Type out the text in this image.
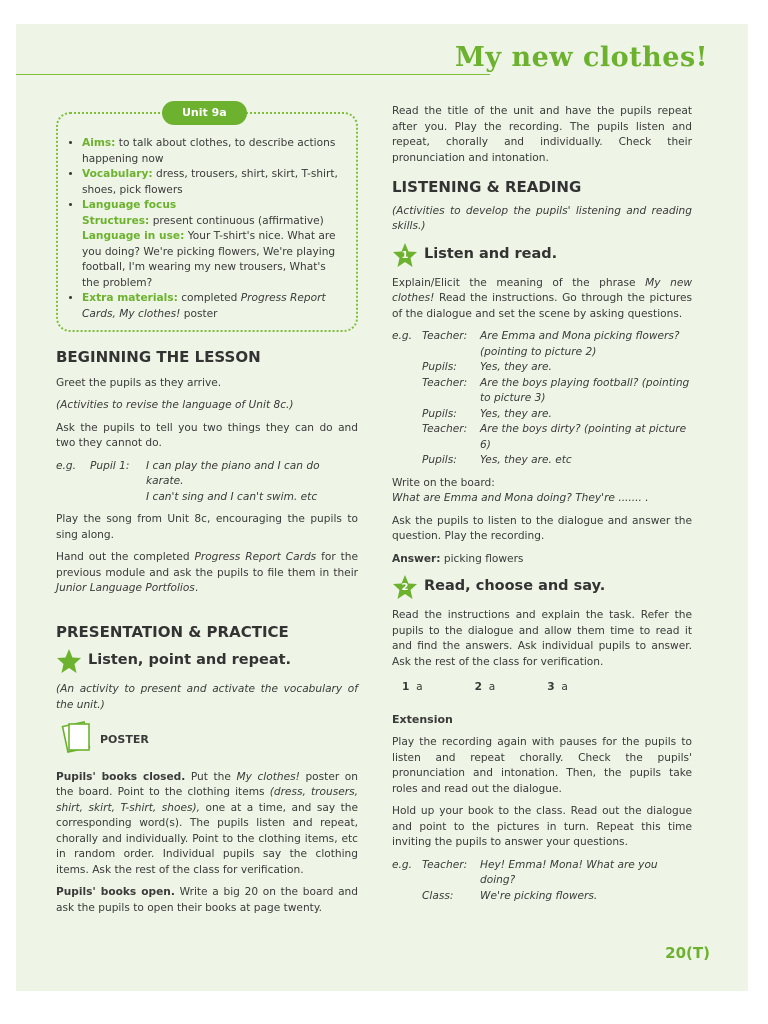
My new clothes!
Unit 9a
• Aims: to talk about clothes, to describe actions happening now
• Vocabulary: dress, trousers, shirt, skirt, T-shirt, shoes, pick flowers
• Language focus
Structures: present continuous (affirmative)
Language in use: Your T-shirt's nice. What are you doing? We're picking flowers, We're playing football, I'm wearing my new trousers, What's the problem?
• Extra materials: completed Progress Report Cards, My clothes! poster
BEGINNING THE LESSON

Greet the pupils as they arrive.

(Activities to revise the language of Unit 8c.)

Ask the pupils to tell you two things they can do and two they cannot do.

e.g.	Pupil 1:	I can play the piano and I can do karate.
I can't sing and I can't swim. etc

Play the song from Unit 8c, encouraging the pupils to sing along.

Hand out the completed Progress Report Cards for the previous module and ask the pupils to file them in their Junior Language Portfolios.

PRESENTATION & PRACTICE
Listen, point and repeat.

(An activity to present and activate the vocabulary of the unit.)

POSTER

Pupils' books closed. Put the My clothes! poster on the board. Point to the clothing items (dress, trousers, shirt, skirt, T-shirt, shoes), one at a time, and say the corresponding word(s). The pupils listen and repeat, chorally and individually. Point to the clothing items, etc in random order. Individual pupils say the clothing items. Ask the rest of the class for verification.

Pupils' books open. Write a big 20 on the board and ask the pupils to open their books at page twenty.

Read the title of the unit and have the pupils repeat after you. Play the recording. The pupils listen and repeat, chorally and individually. Check their pronunciation and intonation.

LISTENING & READING

(Activities to develop the pupils' listening and reading skills.)

1	Listen and read.

Explain/Elicit the meaning of the phrase My new clothes! Read the instructions. Go through the pictures of the dialogue and set the scene by asking questions.

e.g. Teacher:	Are Emma and Mona picking flowers? (pointing to picture 2)
Pupils:	Yes, they are.
Teacher:	Are the boys playing football? (pointing to picture 3)
Pupils:	Yes, they are.
Teacher:	Are the boys dirty? (pointing at picture 6)
Pupils:	Yes, they are. etc

Write on the board:
What are Emma and Mona doing? They're ....... .

Ask the pupils to listen to the dialogue and answer the question. Play the recording.

Answer: picking flowers

2	Read, choose and say.

Read the instructions and explain the task. Refer the pupils to the dialogue and allow them time to read it and find the answers. Ask individual pupils to answer. Ask the rest of the class for verification.

1 a	2 a	3 a
Extension

Play the recording again with pauses for the pupils to listen and repeat chorally. Check the pupils' pronunciation and intonation. Then, the pupils take roles and read out the dialogue.

Hold up your book to the class. Read out the dialogue and point to the pictures in turn. Repeat this time inviting the pupils to answer your questions.

e.g. Teacher:	Hey! Emma! Mona! What are you doing?
Class:	We're picking flowers.
20(T)
